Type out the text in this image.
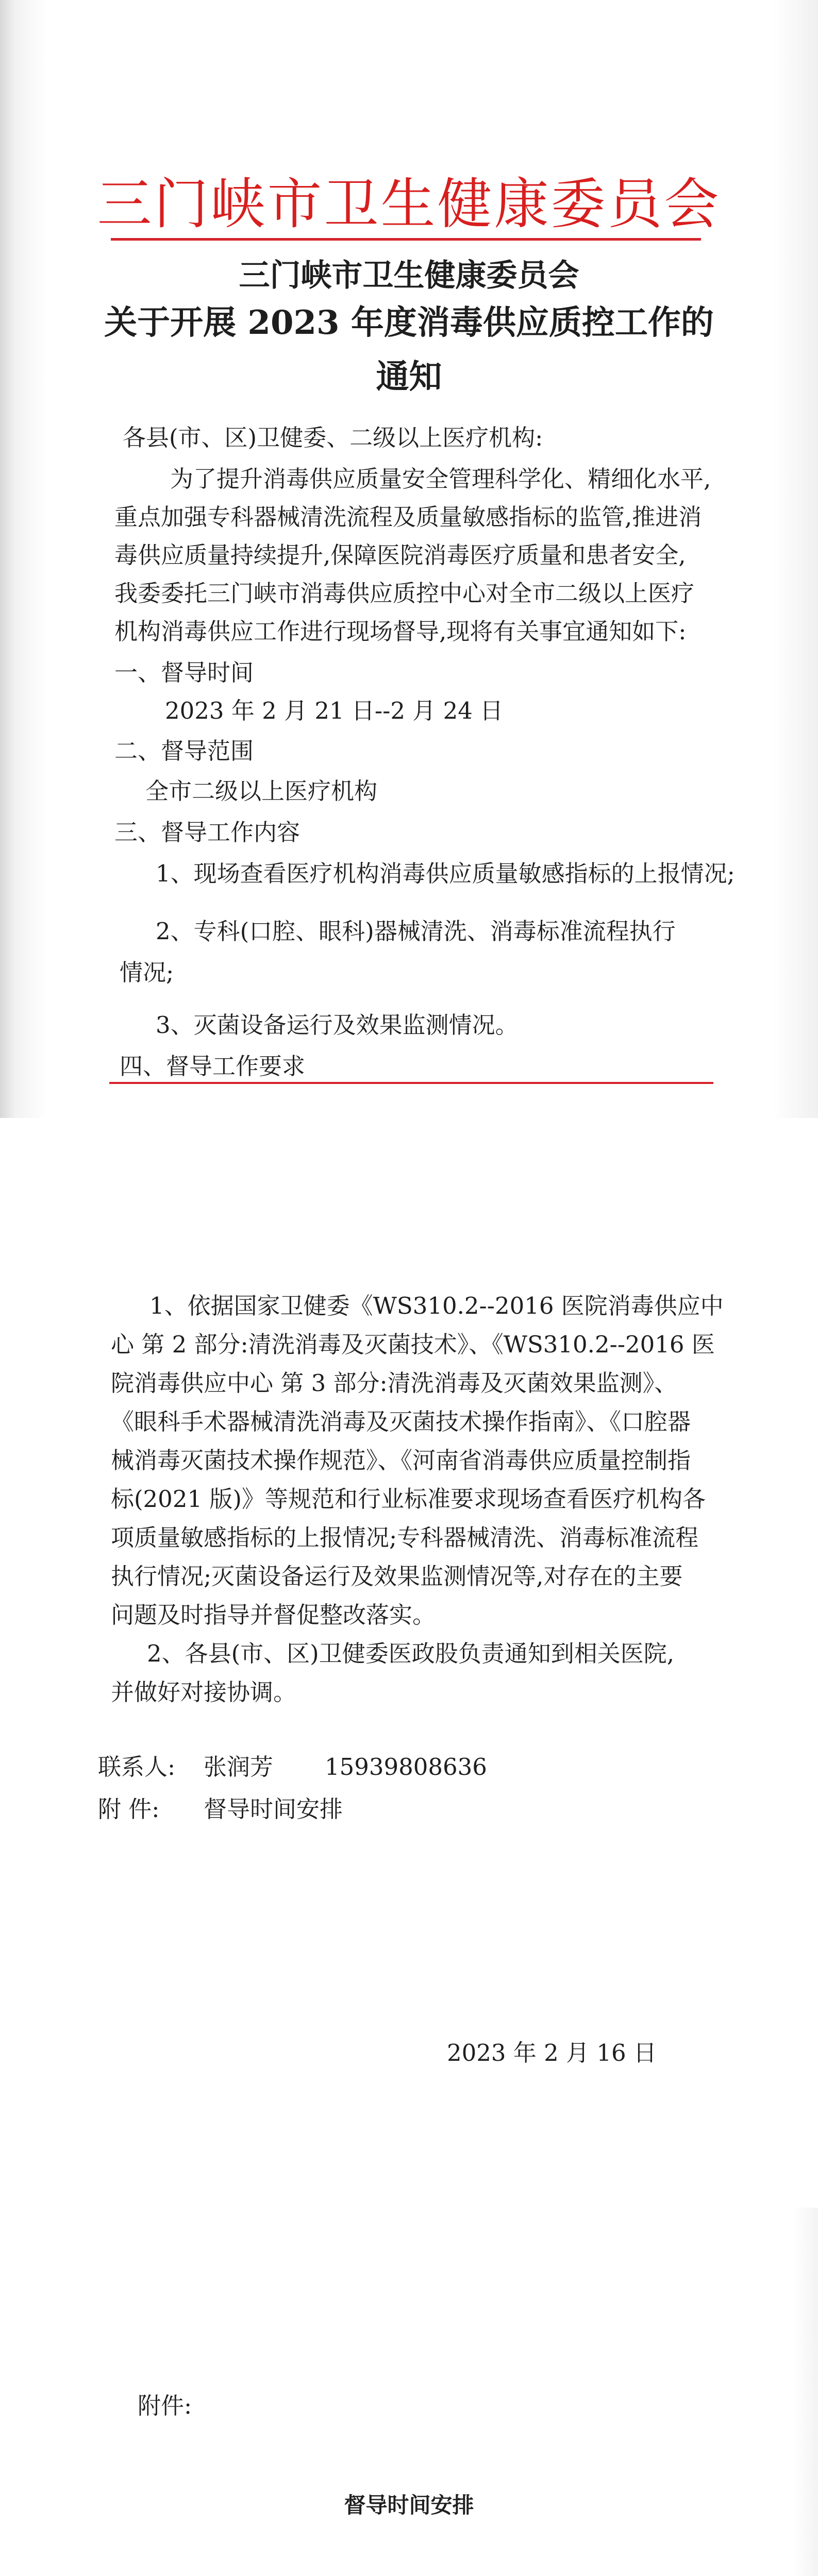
三门峡市卫生健康委员会
三门峡市卫生健康委员会
关于开展 2023 年度消毒供应质控工作的
通知
各县(市、区)卫健委、二级以上医疗机构:
为了提升消毒供应质量安全管理科学化、精细化水平,
重点加强专科器械清洗流程及质量敏感指标的监管,推进消
毒供应质量持续提升,保障医院消毒医疗质量和患者安全,
我委委托三门峡市消毒供应质控中心对全市二级以上医疗
机构消毒供应工作进行现场督导,现将有关事宜通知如下:
一、督导时间
2023 年 2 月 21 日--2 月 24 日
二、督导范围
全市二级以上医疗机构
三、督导工作内容
1、现场查看医疗机构消毒供应质量敏感指标的上报情况;
2、专科(口腔、眼科)器械清洗、消毒标准流程执行
情况;
3、灭菌设备运行及效果监测情况。
四、督导工作要求
1、依据国家卫健委《WS310.2--2016 医院消毒供应中
心 第 2 部分:清洗消毒及灭菌技术》、《WS310.2--2016 医
院消毒供应中心 第 3 部分:清洗消毒及灭菌效果监测》、
《眼科手术器械清洗消毒及灭菌技术操作指南》、《口腔器
械消毒灭菌技术操作规范》、《河南省消毒供应质量控制指
标(2021 版)》等规范和行业标准要求现场查看医疗机构各
项质量敏感指标的上报情况;专科器械清洗、消毒标准流程
执行情况;灭菌设备运行及效果监测情况等,对存在的主要
问题及时指导并督促整改落实。
2、各县(市、区)卫健委医政股负责通知到相关医院,
并做好对接协调。
联系人: 张润芳 15939808636
附 件: 督导时间安排
2023 年 2 月 16 日
附件:
督导时间安排
